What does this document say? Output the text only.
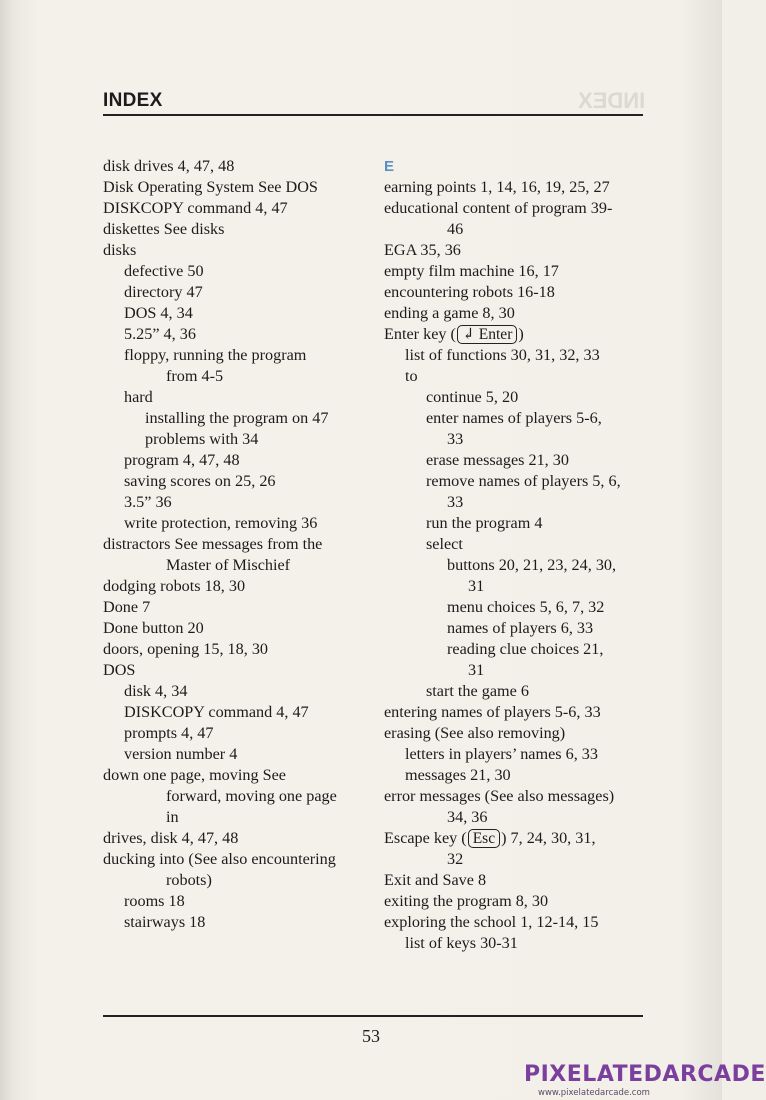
INDEX
INDEX
disk drives 4, 47, 48
Disk Operating System See DOS
DISKCOPY command 4, 47
diskettes See disks
disks
defective 50
directory 47
DOS 4, 34
5.25” 4, 36
floppy, running the program
from 4-5
hard
installing the program on 47
problems with 34
program 4, 47, 48
saving scores on 25, 26
3.5” 36
write protection, removing 36
distractors See messages from the
Master of Mischief
dodging robots 18, 30
Done 7
Done button 20
doors, opening 15, 18, 30
DOS
disk 4, 34
DISKCOPY command 4, 47
prompts 4, 47
version number 4
down one page, moving See
forward, moving one page
in
drives, disk 4, 47, 48
ducking into (See also encountering
robots)
rooms 18
stairways 18
E
earning points 1, 14, 16, 19, 25, 27
educational content of program 39-
46
EGA 35, 36
empty film machine 16, 17
encountering robots 16-18
ending a game 8, 30
Enter key ( ↲ Enter )
list of functions 30, 31, 32, 33
to
continue 5, 20
enter names of players 5-6,
33
erase messages 21, 30
remove names of players 5, 6,
33
run the program 4
select
buttons 20, 21, 23, 24, 30,
31
menu choices 5, 6, 7, 32
names of players 6, 33
reading clue choices 21,
31
start the game 6
entering names of players 5-6, 33
erasing (See also removing)
letters in players’ names 6, 33
messages 21, 30
error messages (See also messages)
34, 36
Escape key ( Esc ) 7, 24, 30, 31,
32
Exit and Save 8
exiting the program 8, 30
exploring the school 1, 12-14, 15
list of keys 30-31
53
PIXELATEDARCADE
www.pixelatedarcade.com
